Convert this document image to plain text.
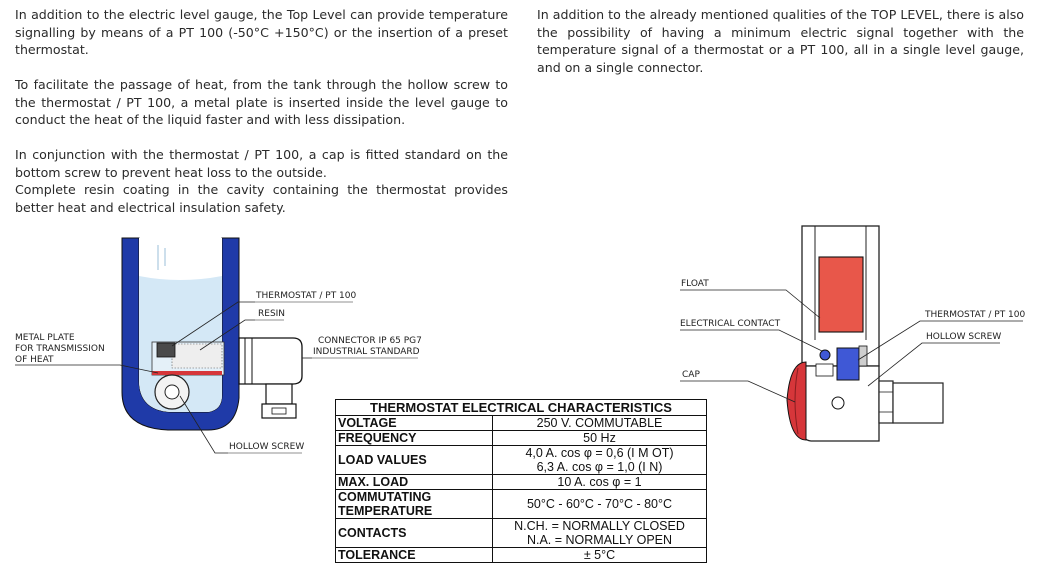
In addition to the electric level gauge, the Top Level can provide temperature signalling by means of a PT 100 (-50°C +150°C) or the insertion of a preset thermostat.

To facilitate the passage of heat, from the tank through the hollow screw to the thermostat / PT 100, a metal plate is inserted inside the level gauge to conduct the heat of the liquid faster and with less dissipation.

In conjunction with the thermostat / PT 100, a cap is fitted standard on the bottom screw to prevent heat loss to the outside.

Complete resin coating in the cavity containing the thermostat provides better heat and electrical insulation safety.

In addition to the already mentioned qualities of the TOP LEVEL, there is also the possibility of having a minimum electric signal together with the temperature signal of a thermostat or a PT 100, all in a single level gauge, and on a single connector.

THERMOSTAT / PT 100
RESIN
METAL PLATE
FOR TRANSMISSION
OF HEAT
CONNECTOR IP 65 PG7
INDUSTRIAL STANDARD
HOLLOW SCREW
FLOAT
ELECTRICAL CONTACT
CAP
THERMOSTAT / PT 100
HOLLOW SCREW
THERMOSTAT ELECTRICAL CHARACTERISTICS	
VOLTAGE	250 V. COMMUTABLE
FREQUENCY	50 Hz
LOAD VALUES	4,0 A. cos φ = 0,6 (I M OT)
6,3 A. cos φ = 1,0 (I N)

MAX. LOAD	10 A. cos φ = 1

COMMUTATING
TEMPERATURE	50°C - 60°C - 70°C - 80°C
CONTACTS	N.CH. = NORMALLY CLOSED
N.A. = NORMALLY OPEN

TOLERANCE	± 5°C
